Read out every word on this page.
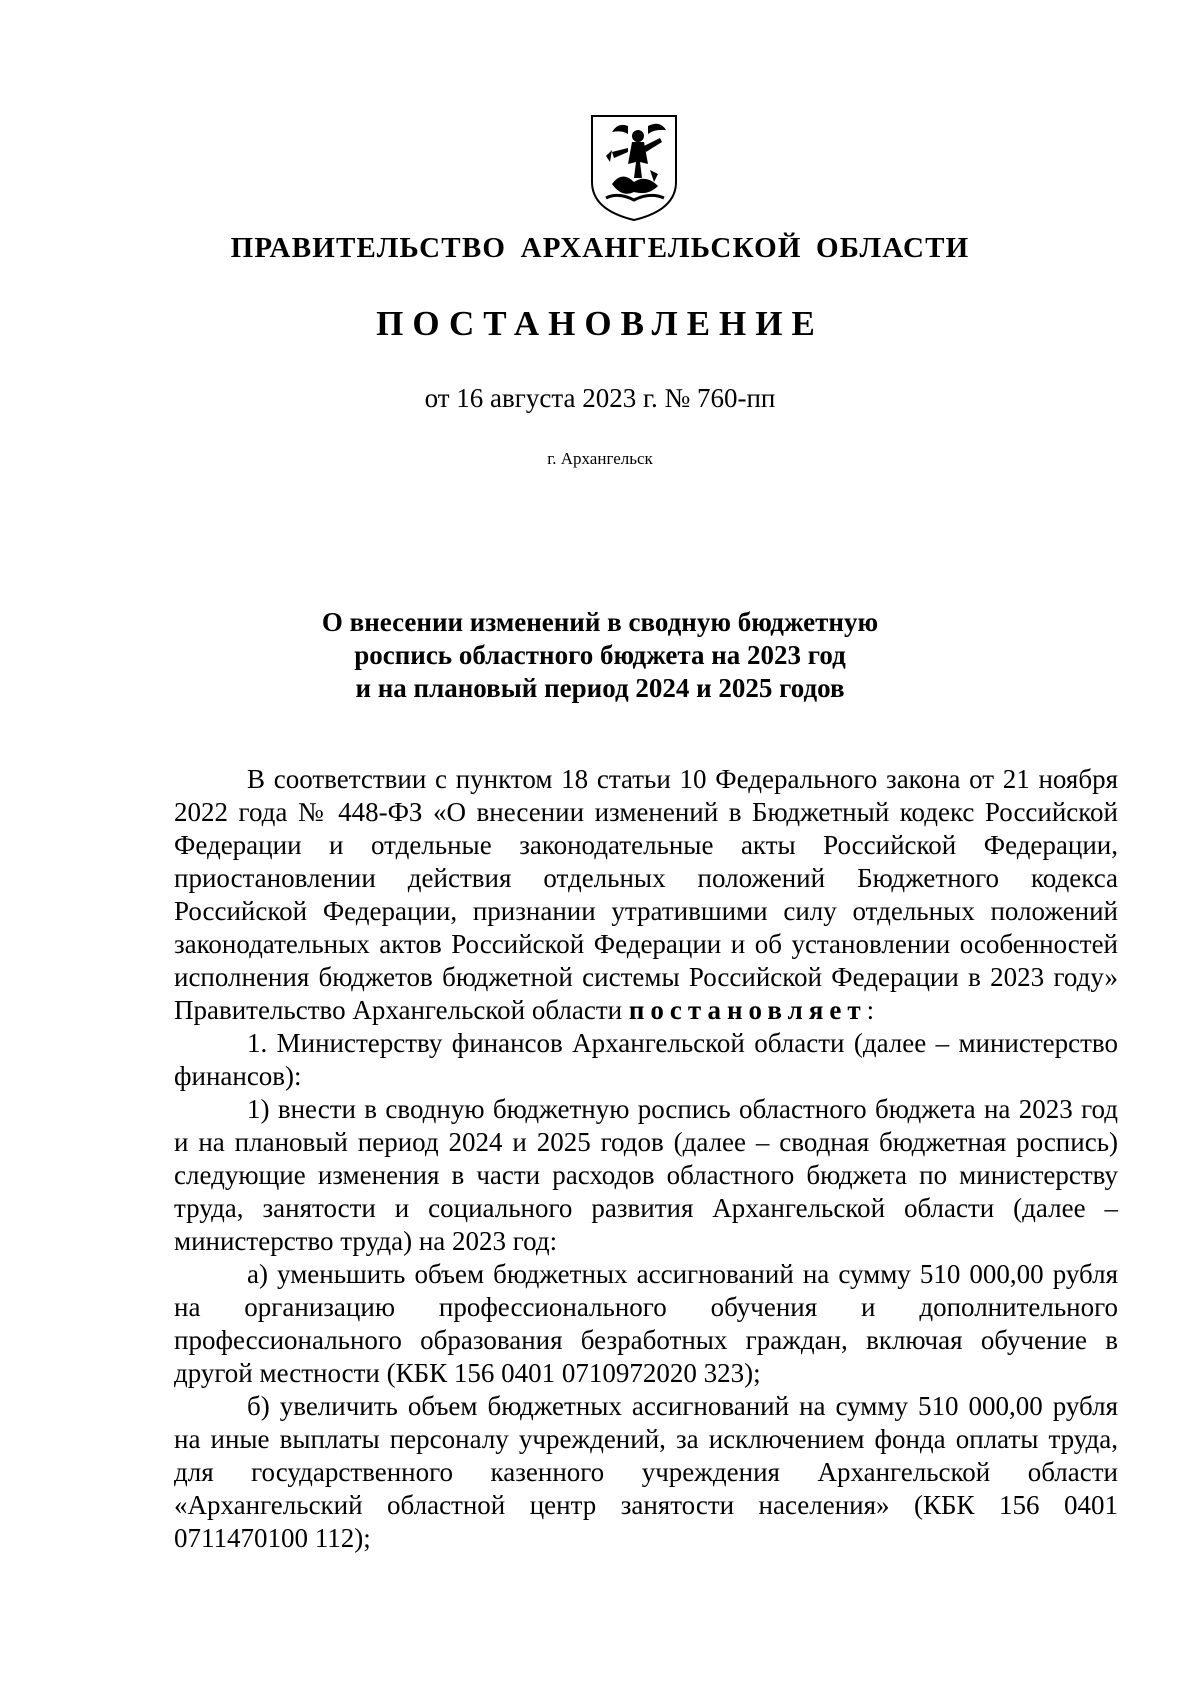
ПРАВИТЕЛЬСТВО АРХАНГЕЛЬСКОЙ ОБЛАСТИ
ПОСТАНОВЛЕНИЕ
от 16 августа 2023 г. № 760-пп
г. Архангельск
О внесении изменений в сводную бюджетную
роспись областного бюджета на 2023 год
и на плановый период 2024 и 2025 годов

В соответствии с пунктом 18 статьи 10 Федерального закона от 21 ноября 2022 года № 448-ФЗ «О внесении изменений в Бюджетный кодекс Российской Федерации и отдельные законодательные акты Российской Федерации, приостановлении действия отдельных положений Бюджетного кодекса Российской Федерации, признании утратившими силу отдельных положений законодательных актов Российской Федерации и об установлении особенностей исполнения бюджетов бюджетной системы Российской Федерации в 2023 году» Правительство Архангельской области постановляет:

1. Министерству финансов Архангельской области (далее – министерство финансов):

1) внести в сводную бюджетную роспись областного бюджета на 2023 год и на плановый период 2024 и 2025 годов (далее – сводная бюджетная роспись) следующие изменения в части расходов областного бюджета по министерству труда, занятости и социального развития Архангельской области (далее – министерство труда) на 2023 год:

а) уменьшить объем бюджетных ассигнований на сумму 510 000,00 рубля на организацию профессионального обучения и дополнительного профессионального образования безработных граждан, включая обучение в другой местности (КБК 156 0401 0710972020 323);

б) увеличить объем бюджетных ассигнований на сумму 510 000,00 рубля на иные выплаты персоналу учреждений, за исключением фонда оплаты труда, для государственного казенного учреждения Архангельской области «Архангельский областной центр занятости населения» (КБК 156 0401 0711470100 112);
